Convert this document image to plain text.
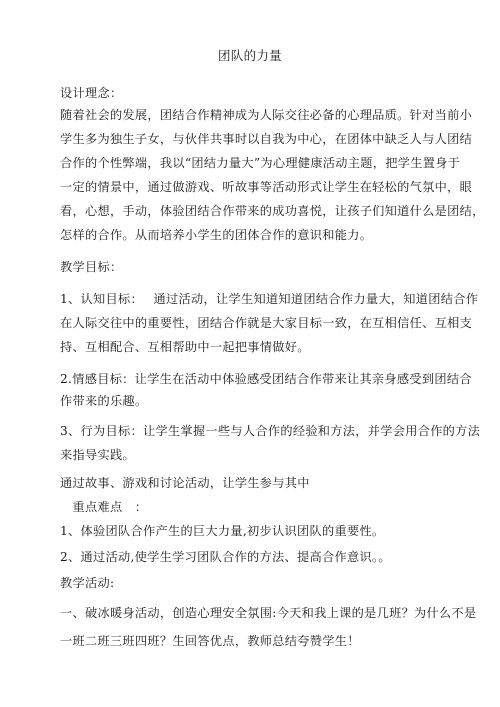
团队的力量
设计理念：
随着社会的发展，团结合作精神成为人际交往必备的心理品质。针对当前小
学生多为独生子女，与伙伴共事时以自我为中心，在团体中缺乏人与人团结
合作的个性弊端，我以“团结力量大”为心理健康活动主题，把学生置身于
一定的情景中，通过做游戏、听故事等活动形式让学生在轻松的气氛中，眼
看，心想，手动，体验团结合作带来的成功喜悦，让孩子们知道什么是团结，
怎样的合作。从而培养小学生的团体合作的意识和能力。
教学目标：
1、认知目标：　 通过活动，让学生知道知道团结合作力量大，知道团结合作
在人际交往中的重要性，团结合作就是大家目标一致，在互相信任、互相支
持、互相配合、互相帮助中一起把事情做好。
2.情感目标：让学生在活动中体验感受团结合作带来让其亲身感受到团结合
作带来的乐趣。
3、行为目标：让学生掌握一些与人合作的经验和方法，并学会用合作的方法
来指导实践。
通过故事、游戏和讨论活动，让学生参与其中
　重点难点　：
1、体验团队合作产生的巨大力量,初步认识团队的重要性。
2、通过活动,使学生学习团队合作的方法、提高合作意识。。
教学活动:
一、破冰暖身活动，创造心理安全氛围:今天和我上课的是几班？为什么不是
一班二班三班四班？生回答优点，教师总结夸赞学生！
